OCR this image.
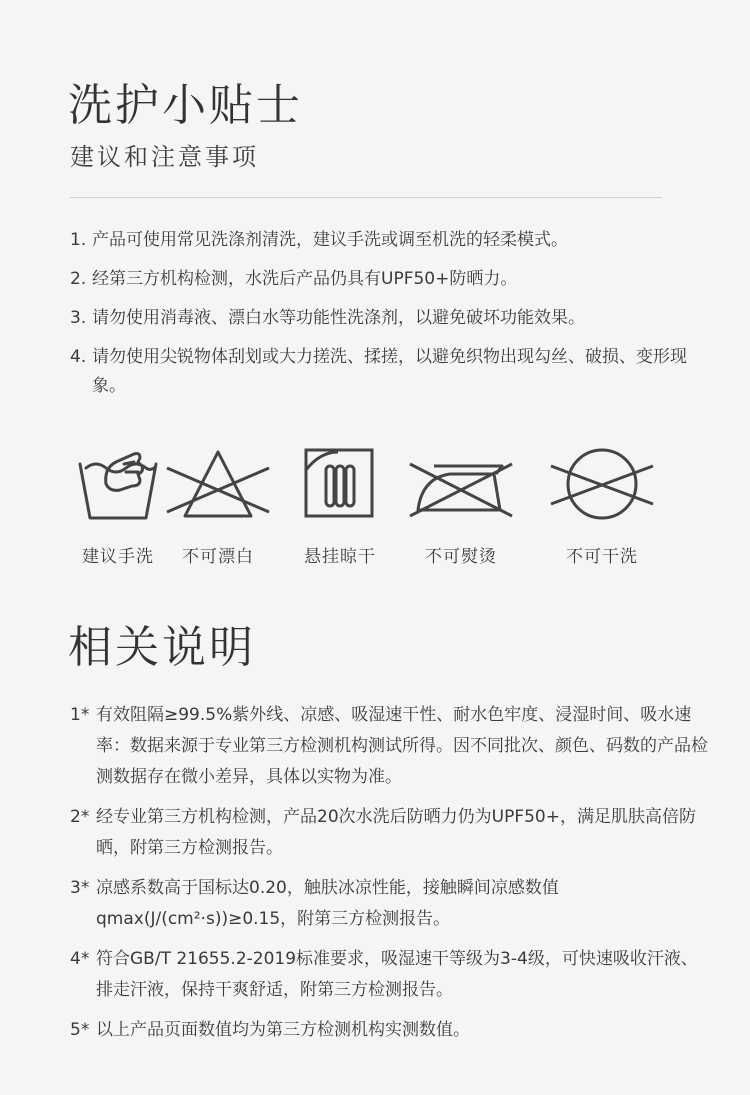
洗护小贴士
建议和注意事项
1. 产品可使用常见洗涤剂清洗，建议手洗或调至机洗的轻柔模式。
2. 经第三方机构检测，水洗后产品仍具有UPF50+防晒力。
3. 请勿使用消毒液、漂白水等功能性洗涤剂，以避免破坏功能效果。
4. 请勿使用尖锐物体刮划或大力搓洗、揉搓，以避免织物出现勾丝、破损、变形现象。
建议手洗	不可漂白	悬挂晾干	不可熨烫	不可干洗
相关说明
1* 有效阻隔≥99.5%紫外线、凉感、吸湿速干性、耐水色牢度、浸湿时间、吸水速率：数据来源于专业第三方检测机构测试所得。因不同批次、颜色、码数的产品检测数据存在微小差异，具体以实物为准。
2* 经专业第三方机构检测，产品20次水洗后防晒力仍为UPF50+，满足肌肤高倍防晒，附第三方检测报告。
3* 凉感系数高于国标达0.20，触肤冰凉性能，接触瞬间凉感数值qmax(J/(cm²·s))≥0.15，附第三方检测报告。
4* 符合GB/T 21655.2-2019标准要求，吸湿速干等级为3-4级，可快速吸收汗液、排走汗液，保持干爽舒适，附第三方检测报告。
5* 以上产品页面数值均为第三方检测机构实测数值。
